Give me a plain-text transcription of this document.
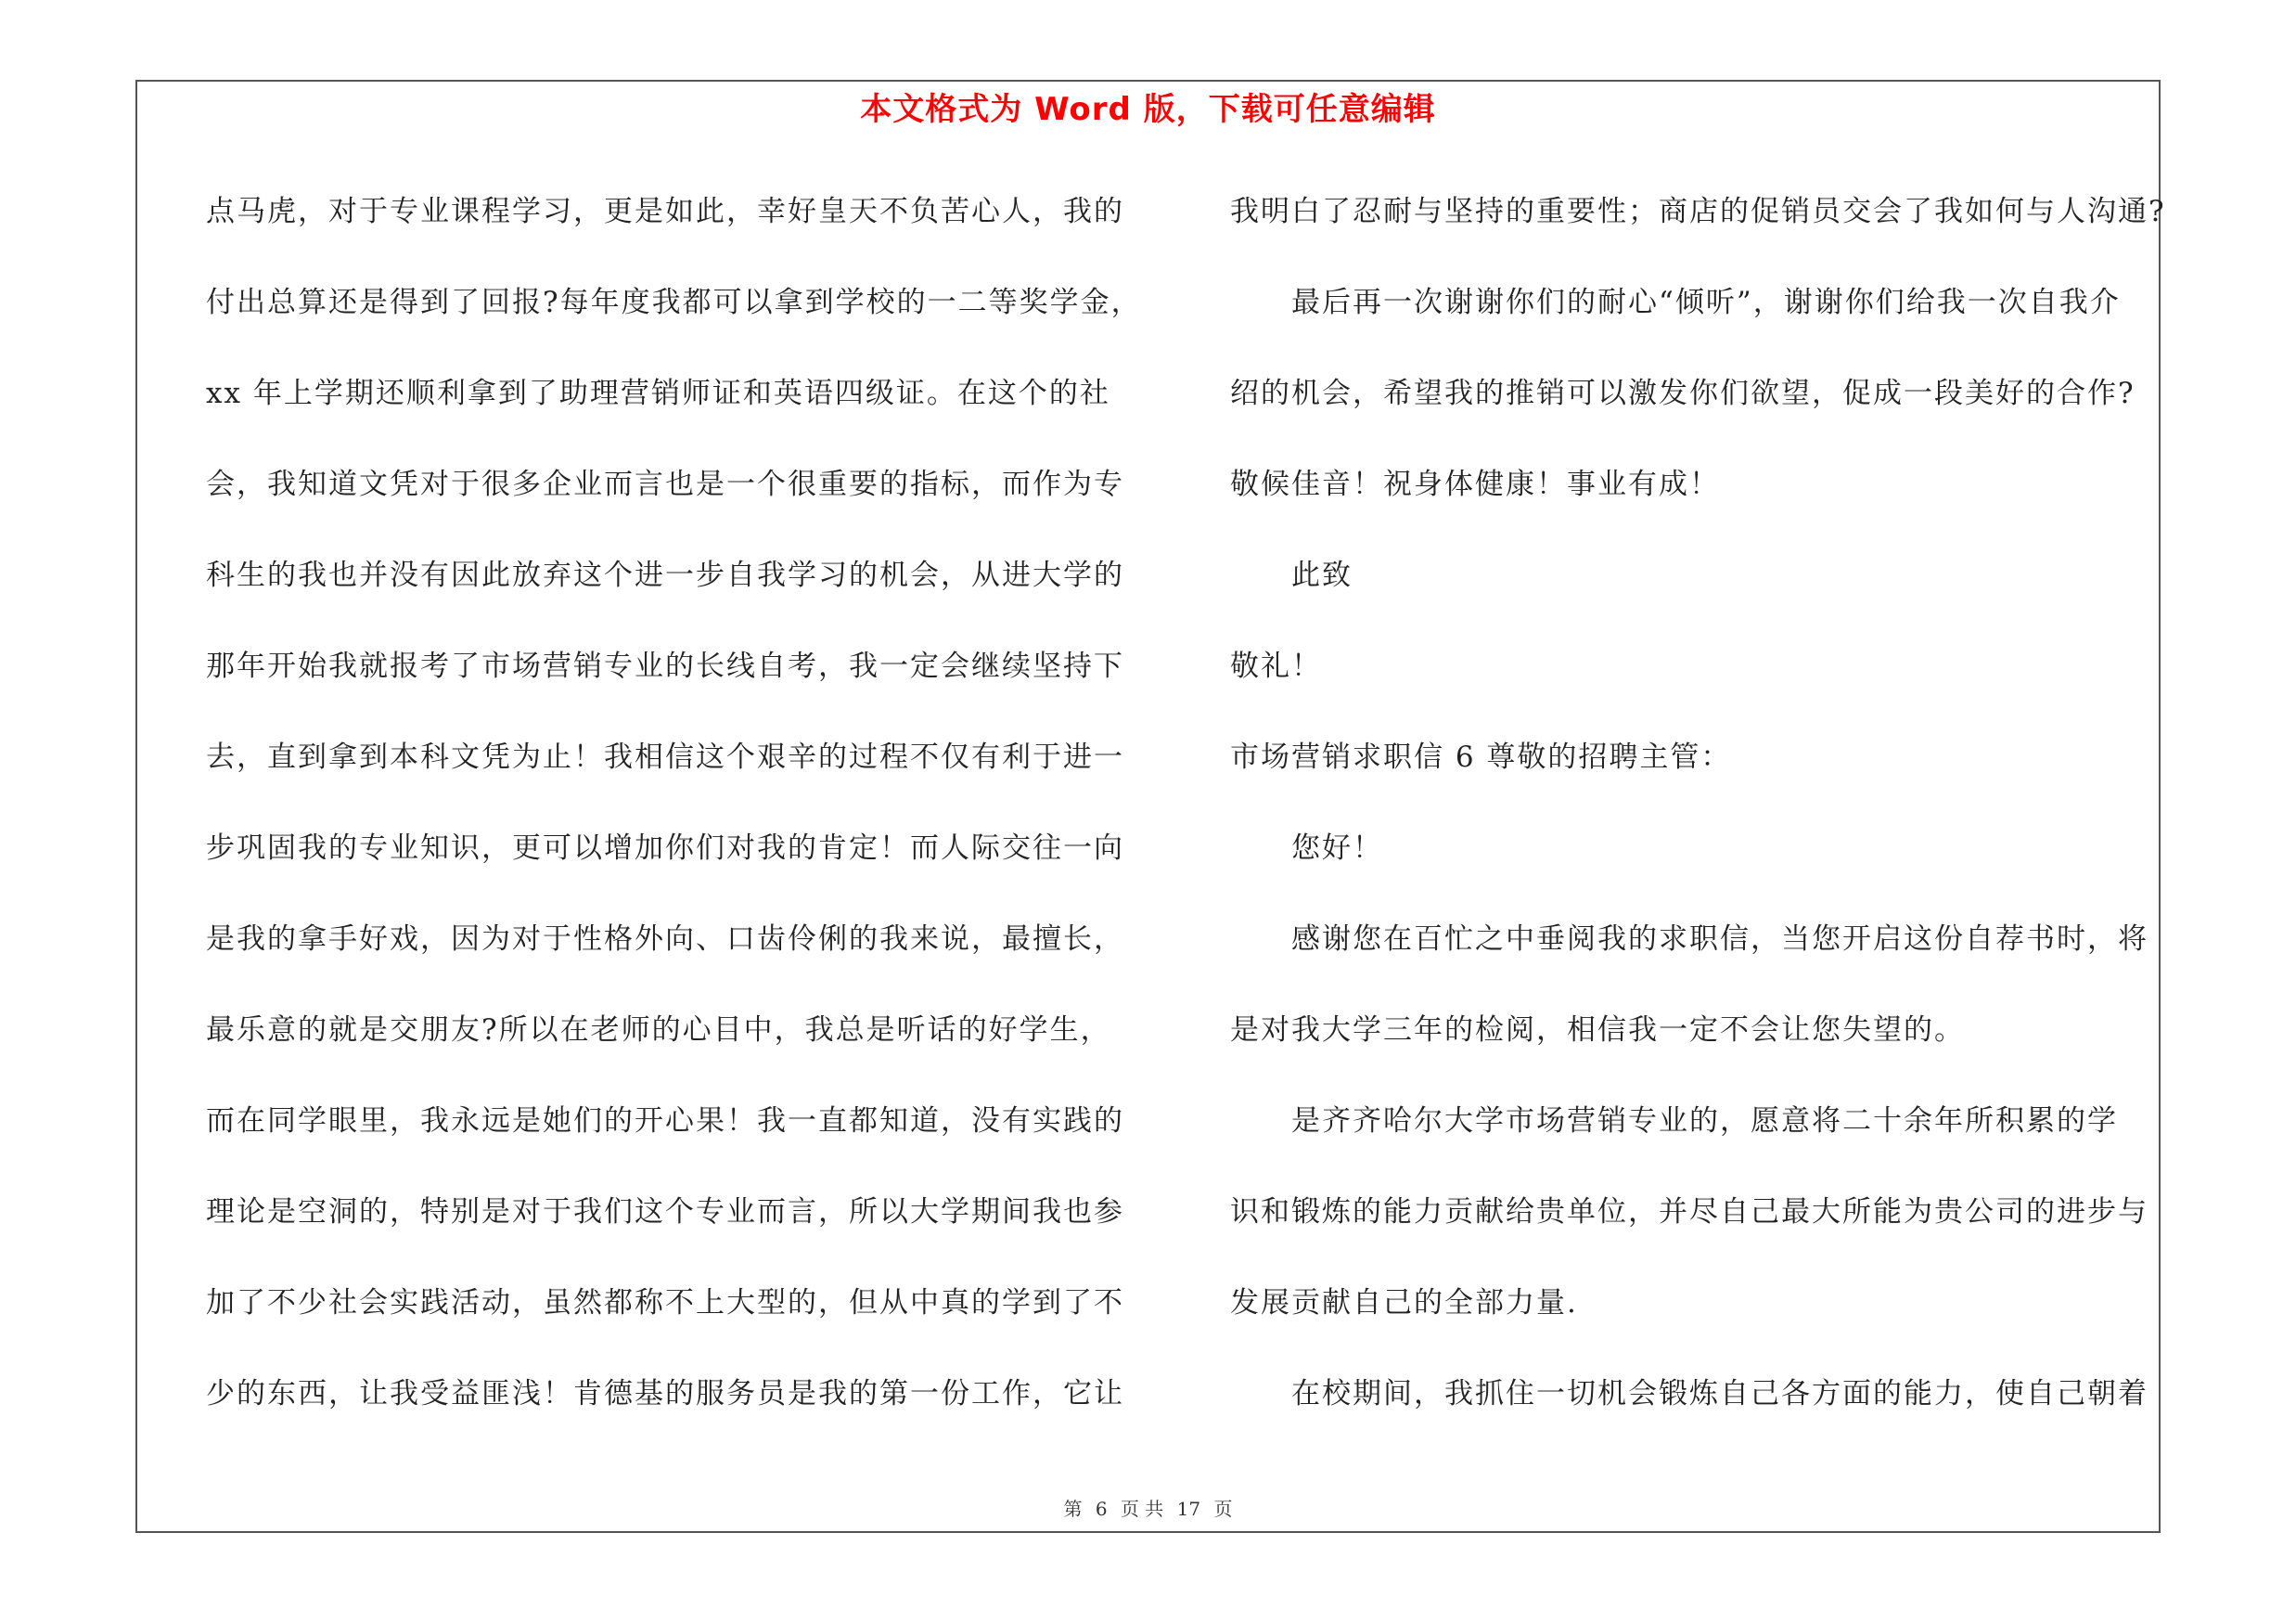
本文格式为 Word 版，下载可任意编辑
点马虎，对于专业课程学习，更是如此，幸好皇天不负苦心人，我的
付出总算还是得到了回报?每年度我都可以拿到学校的一二等奖学金，
xx 年上学期还顺利拿到了助理营销师证和英语四级证。在这个的社
会，我知道文凭对于很多企业而言也是一个很重要的指标，而作为专
科生的我也并没有因此放弃这个进一步自我学习的机会，从进大学的
那年开始我就报考了市场营销专业的长线自考，我一定会继续坚持下
去，直到拿到本科文凭为止！我相信这个艰辛的过程不仅有利于进一
步巩固我的专业知识，更可以增加你们对我的肯定！而人际交往一向
是我的拿手好戏，因为对于性格外向、口齿伶俐的我来说，最擅长，
最乐意的就是交朋友?所以在老师的心目中，我总是听话的好学生，
而在同学眼里，我永远是她们的开心果！我一直都知道，没有实践的
理论是空洞的，特别是对于我们这个专业而言，所以大学期间我也参
加了不少社会实践活动，虽然都称不上大型的，但从中真的学到了不
少的东西，让我受益匪浅！肯德基的服务员是我的第一份工作，它让
我明白了忍耐与坚持的重要性；商店的促销员交会了我如何与人沟通?
　　最后再一次谢谢你们的耐心“倾听”，谢谢你们给我一次自我介
绍的机会，希望我的推销可以激发你们欲望，促成一段美好的合作?
敬候佳音！祝身体健康！事业有成！
　　此致
敬礼！
市场营销求职信 6 尊敬的招聘主管：
　　您好！
　　感谢您在百忙之中垂阅我的求职信，当您开启这份自荐书时，将
是对我大学三年的检阅，相信我一定不会让您失望的。
　　是齐齐哈尔大学市场营销专业的，愿意将二十余年所积累的学
识和锻炼的能力贡献给贵单位，并尽自己最大所能为贵公司的进步与
发展贡献自己的全部力量.
　　在校期间，我抓住一切机会锻炼自己各方面的能力，使自己朝着
第 6 页 共 17 页
